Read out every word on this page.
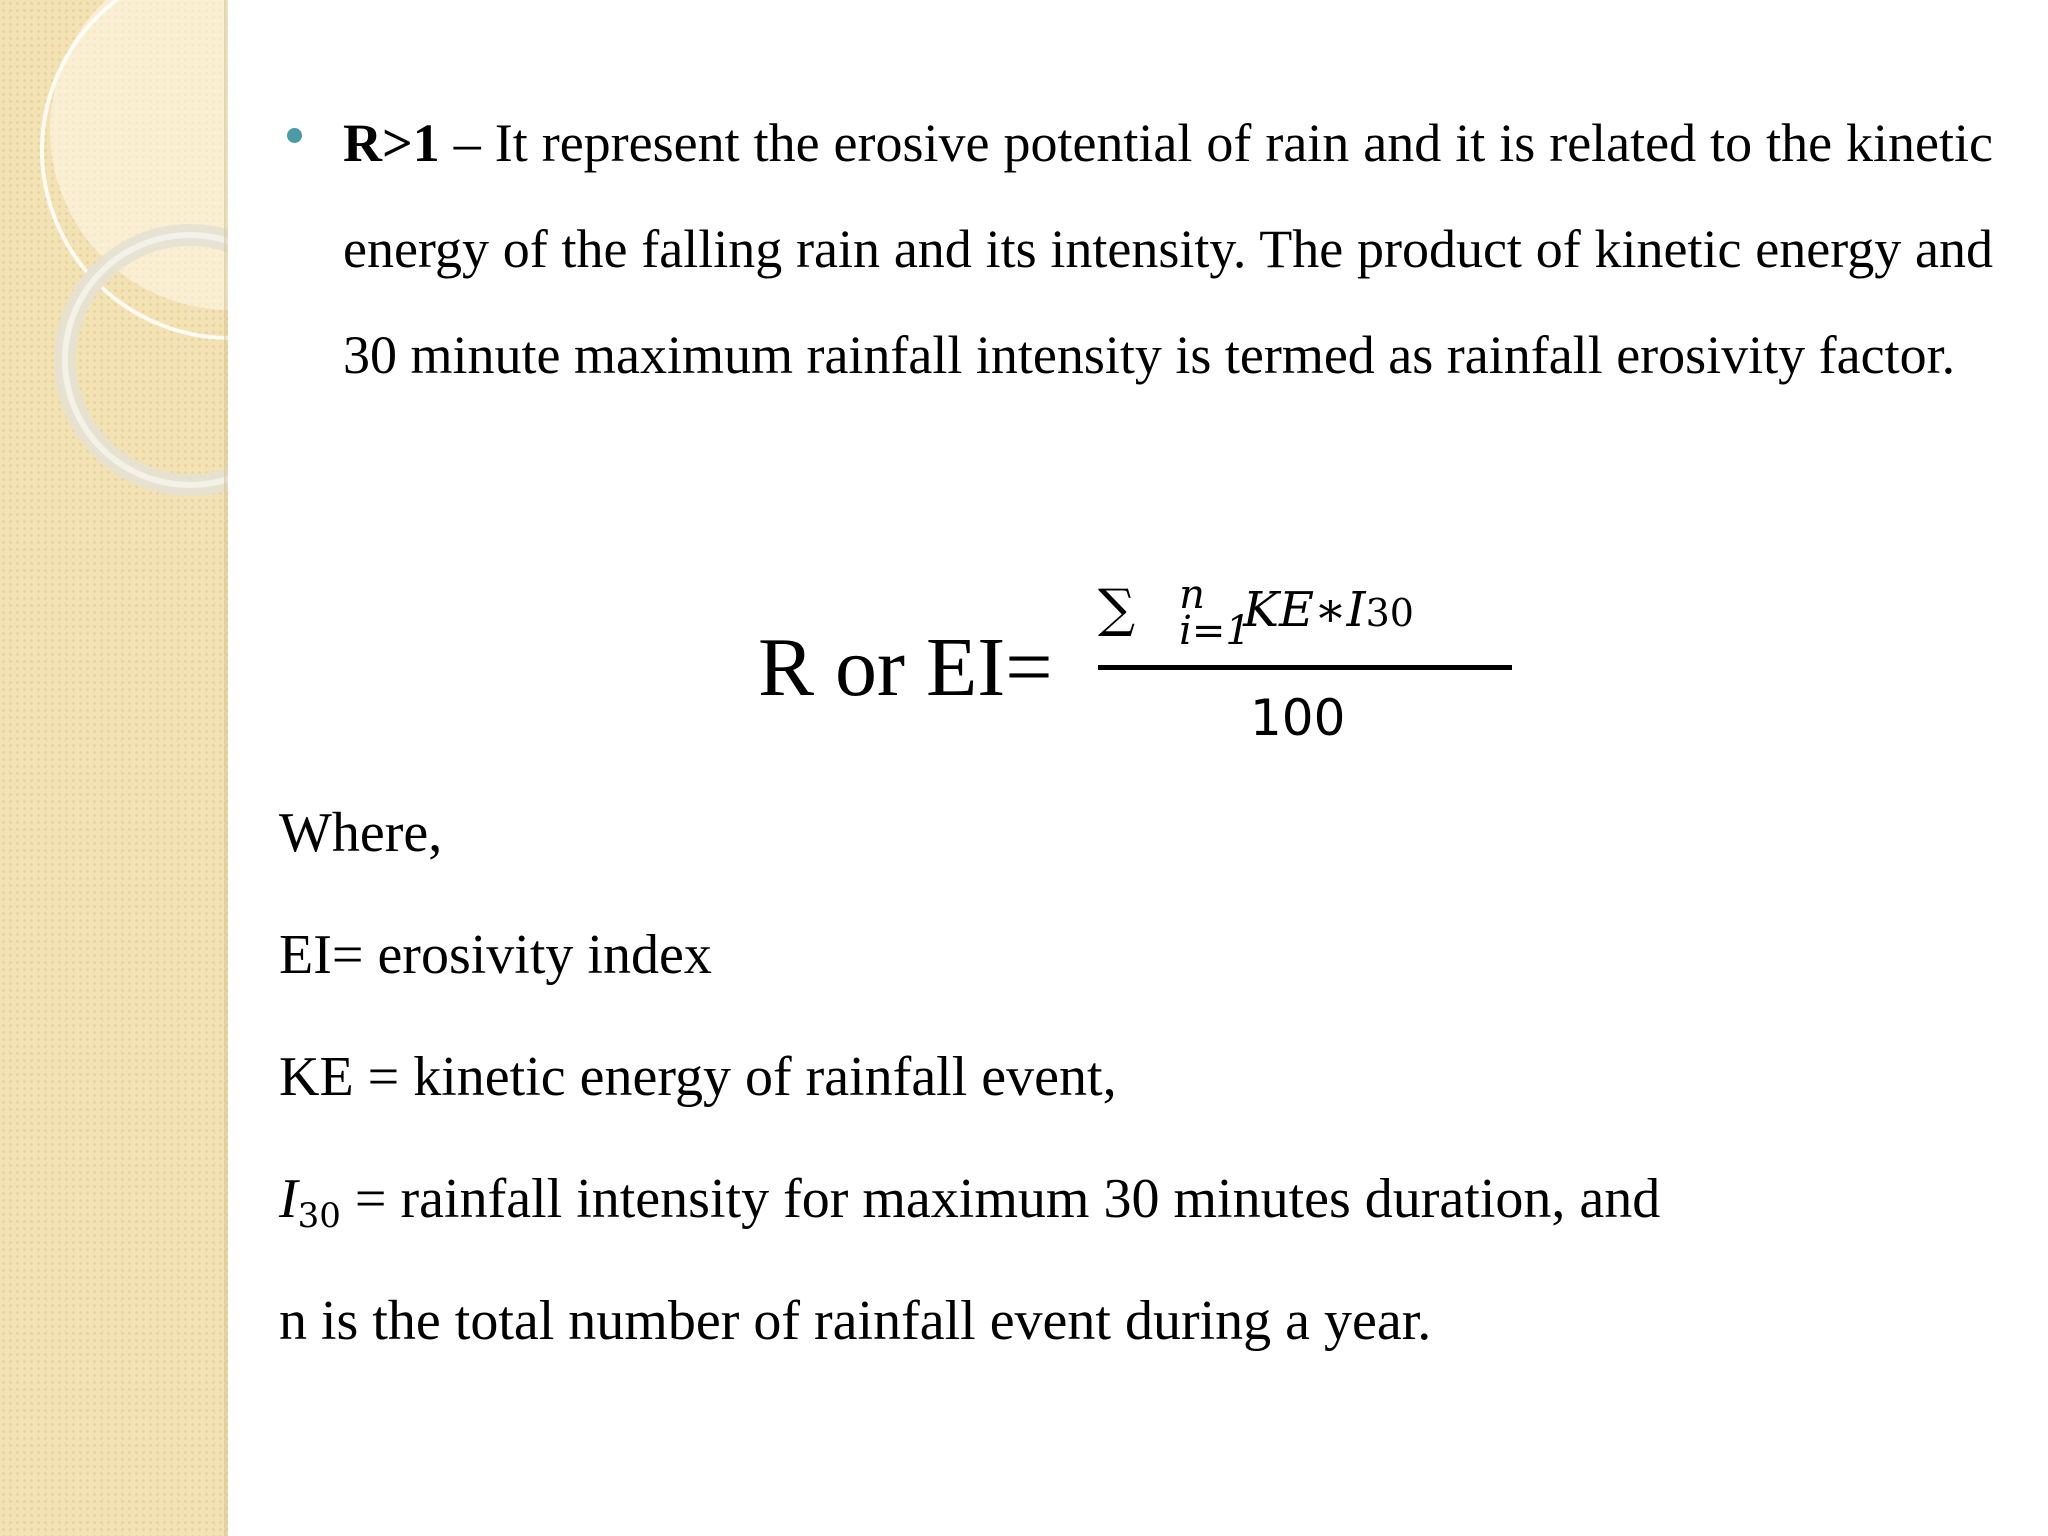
R>1 – It represent the erosive potential of rain and it is related to the kinetic energy of the falling rain and its intensity. The product of kinetic energy and 30 minute maximum rainfall intensity is termed as rainfall erosivity factor.
R or EI=
∑ n
i=1
KE∗I30
100
Where,
EI= erosivity index
KE = kinetic energy of rainfall event,
$I_{30}$ = rainfall intensity for maximum 30 minutes duration, and
n is the total number of rainfall event during a year.
